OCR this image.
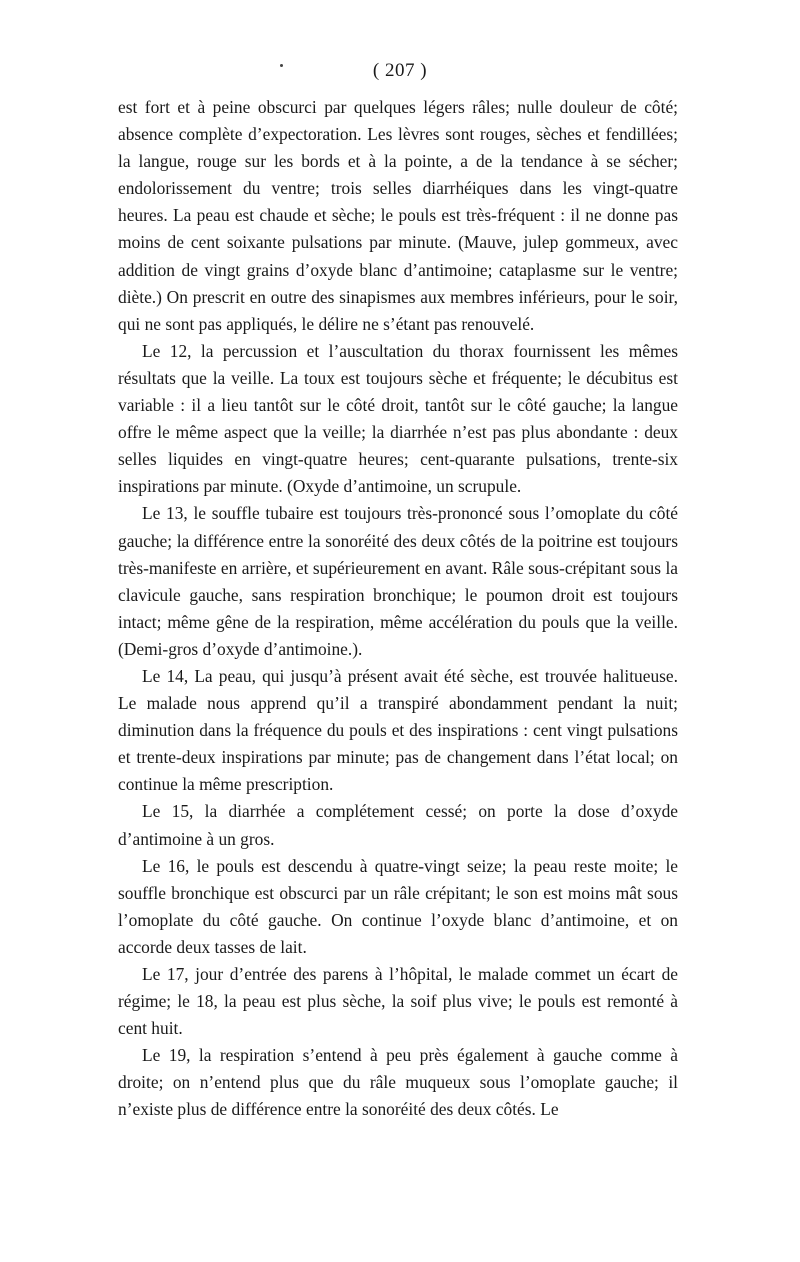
( 207 )

est fort et à peine obscurci par quelques légers râles; nulle douleur de côté; absence complète d’expectoration. Les lèvres sont rouges, sèches et fendillées; la langue, rouge sur les bords et à la pointe, a de la tendance à se sécher; endolorissement du ventre; trois selles diarrhéiques dans les vingt-quatre heures. La peau est chaude et sèche; le pouls est très-fréquent : il ne donne pas moins de cent soixante pulsations par minute. (Mauve, julep gommeux, avec addition de vingt grains d’oxyde blanc d’antimoine; cataplasme sur le ventre; diète.) On prescrit en outre des sinapismes aux membres inférieurs, pour le soir, qui ne sont pas appliqués, le délire ne s’étant pas renouvelé.

Le 12, la percussion et l’auscultation du thorax fournissent les mêmes résultats que la veille. La toux est toujours sèche et fréquente; le décubitus est variable : il a lieu tantôt sur le côté droit, tantôt sur le côté gauche; la langue offre le même aspect que la veille; la diarrhée n’est pas plus abondante : deux selles liquides en vingt-quatre heures; cent-quarante pulsations, trente-six inspirations par minute. (Oxyde d’antimoine, un scrupule.

Le 13, le souffle tubaire est toujours très-prononcé sous l’omoplate du côté gauche; la différence entre la sonoréité des deux côtés de la poitrine est toujours très-manifeste en arrière, et supérieurement en avant. Râle sous-crépitant sous la clavicule gauche, sans respiration bronchique; le poumon droit est toujours intact; même gêne de la respiration, même accélération du pouls que la veille. (Demi-gros d’oxyde d’antimoine.).

Le 14, La peau, qui jusqu’à présent avait été sèche, est trouvée halitueuse. Le malade nous apprend qu’il a transpiré abondamment pendant la nuit; diminution dans la fréquence du pouls et des inspirations : cent vingt pulsations et trente-deux inspirations par minute; pas de changement dans l’état local; on continue la même prescription.

Le 15, la diarrhée a complétement cessé; on porte la dose d’oxyde d’antimoine à un gros.

Le 16, le pouls est descendu à quatre-vingt seize; la peau reste moite; le souffle bronchique est obscurci par un râle crépitant; le son est moins mât sous l’omoplate du côté gauche. On continue l’oxyde blanc d’antimoine, et on accorde deux tasses de lait.

Le 17, jour d’entrée des parens à l’hôpital, le malade commet un écart de régime; le 18, la peau est plus sèche, la soif plus vive; le pouls est remonté à cent huit.

Le 19, la respiration s’entend à peu près également à gauche comme à droite; on n’entend plus que du râle muqueux sous l’omoplate gauche; il n’existe plus de différence entre la sonoréité des deux côtés. Le
